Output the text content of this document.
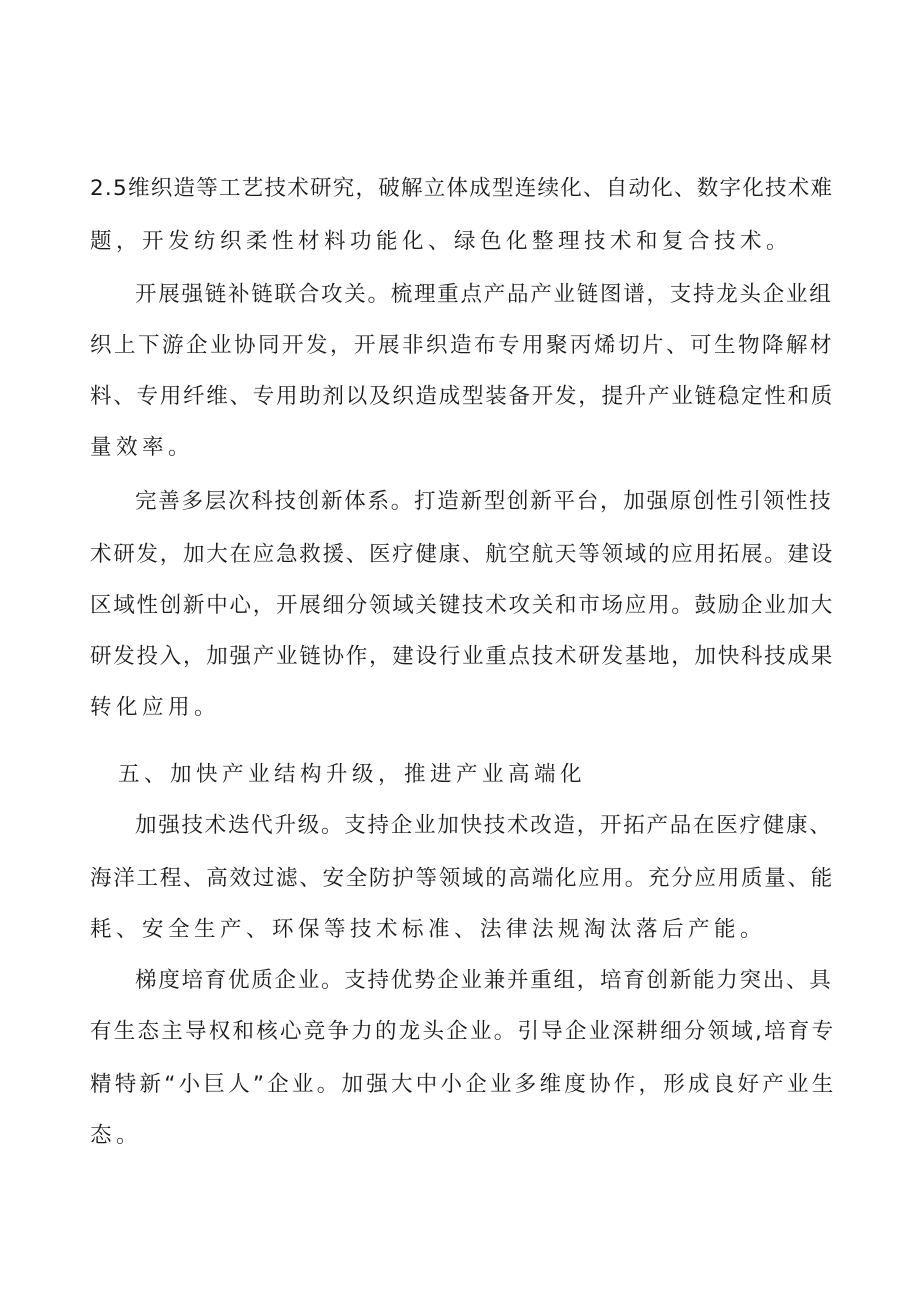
2.5维织造等工艺技术研究，破解立体成型连续化、自动化、数字化技术难

题，开发纺织柔性材料功能化、绿色化整理技术和复合技术。

开展强链补链联合攻关。梳理重点产品产业链图谱，支持龙头企业组

织上下游企业协同开发，开展非织造布专用聚丙烯切片、可生物降解材

料、专用纤维、专用助剂以及织造成型装备开发，提升产业链稳定性和质

量效率。

完善多层次科技创新体系。打造新型创新平台，加强原创性引领性技

术研发，加大在应急救援、医疗健康、航空航天等领域的应用拓展。建设

区域性创新中心，开展细分领域关键技术攻关和市场应用。鼓励企业加大

研发投入，加强产业链协作，建设行业重点技术研发基地，加快科技成果

转化应用。

五、加快产业结构升级，推进产业高端化

加强技术迭代升级。支持企业加快技术改造，开拓产品在医疗健康、

海洋工程、高效过滤、安全防护等领域的高端化应用。充分应用质量、能

耗、安全生产、环保等技术标准、法律法规淘汰落后产能。

梯度培育优质企业。支持优势企业兼并重组，培育创新能力突出、具

有生态主导权和核心竞争力的龙头企业。引导企业深耕细分领域,培育专

精特新“小巨人”企业。加强大中小企业多维度协作，形成良好产业生

态。
